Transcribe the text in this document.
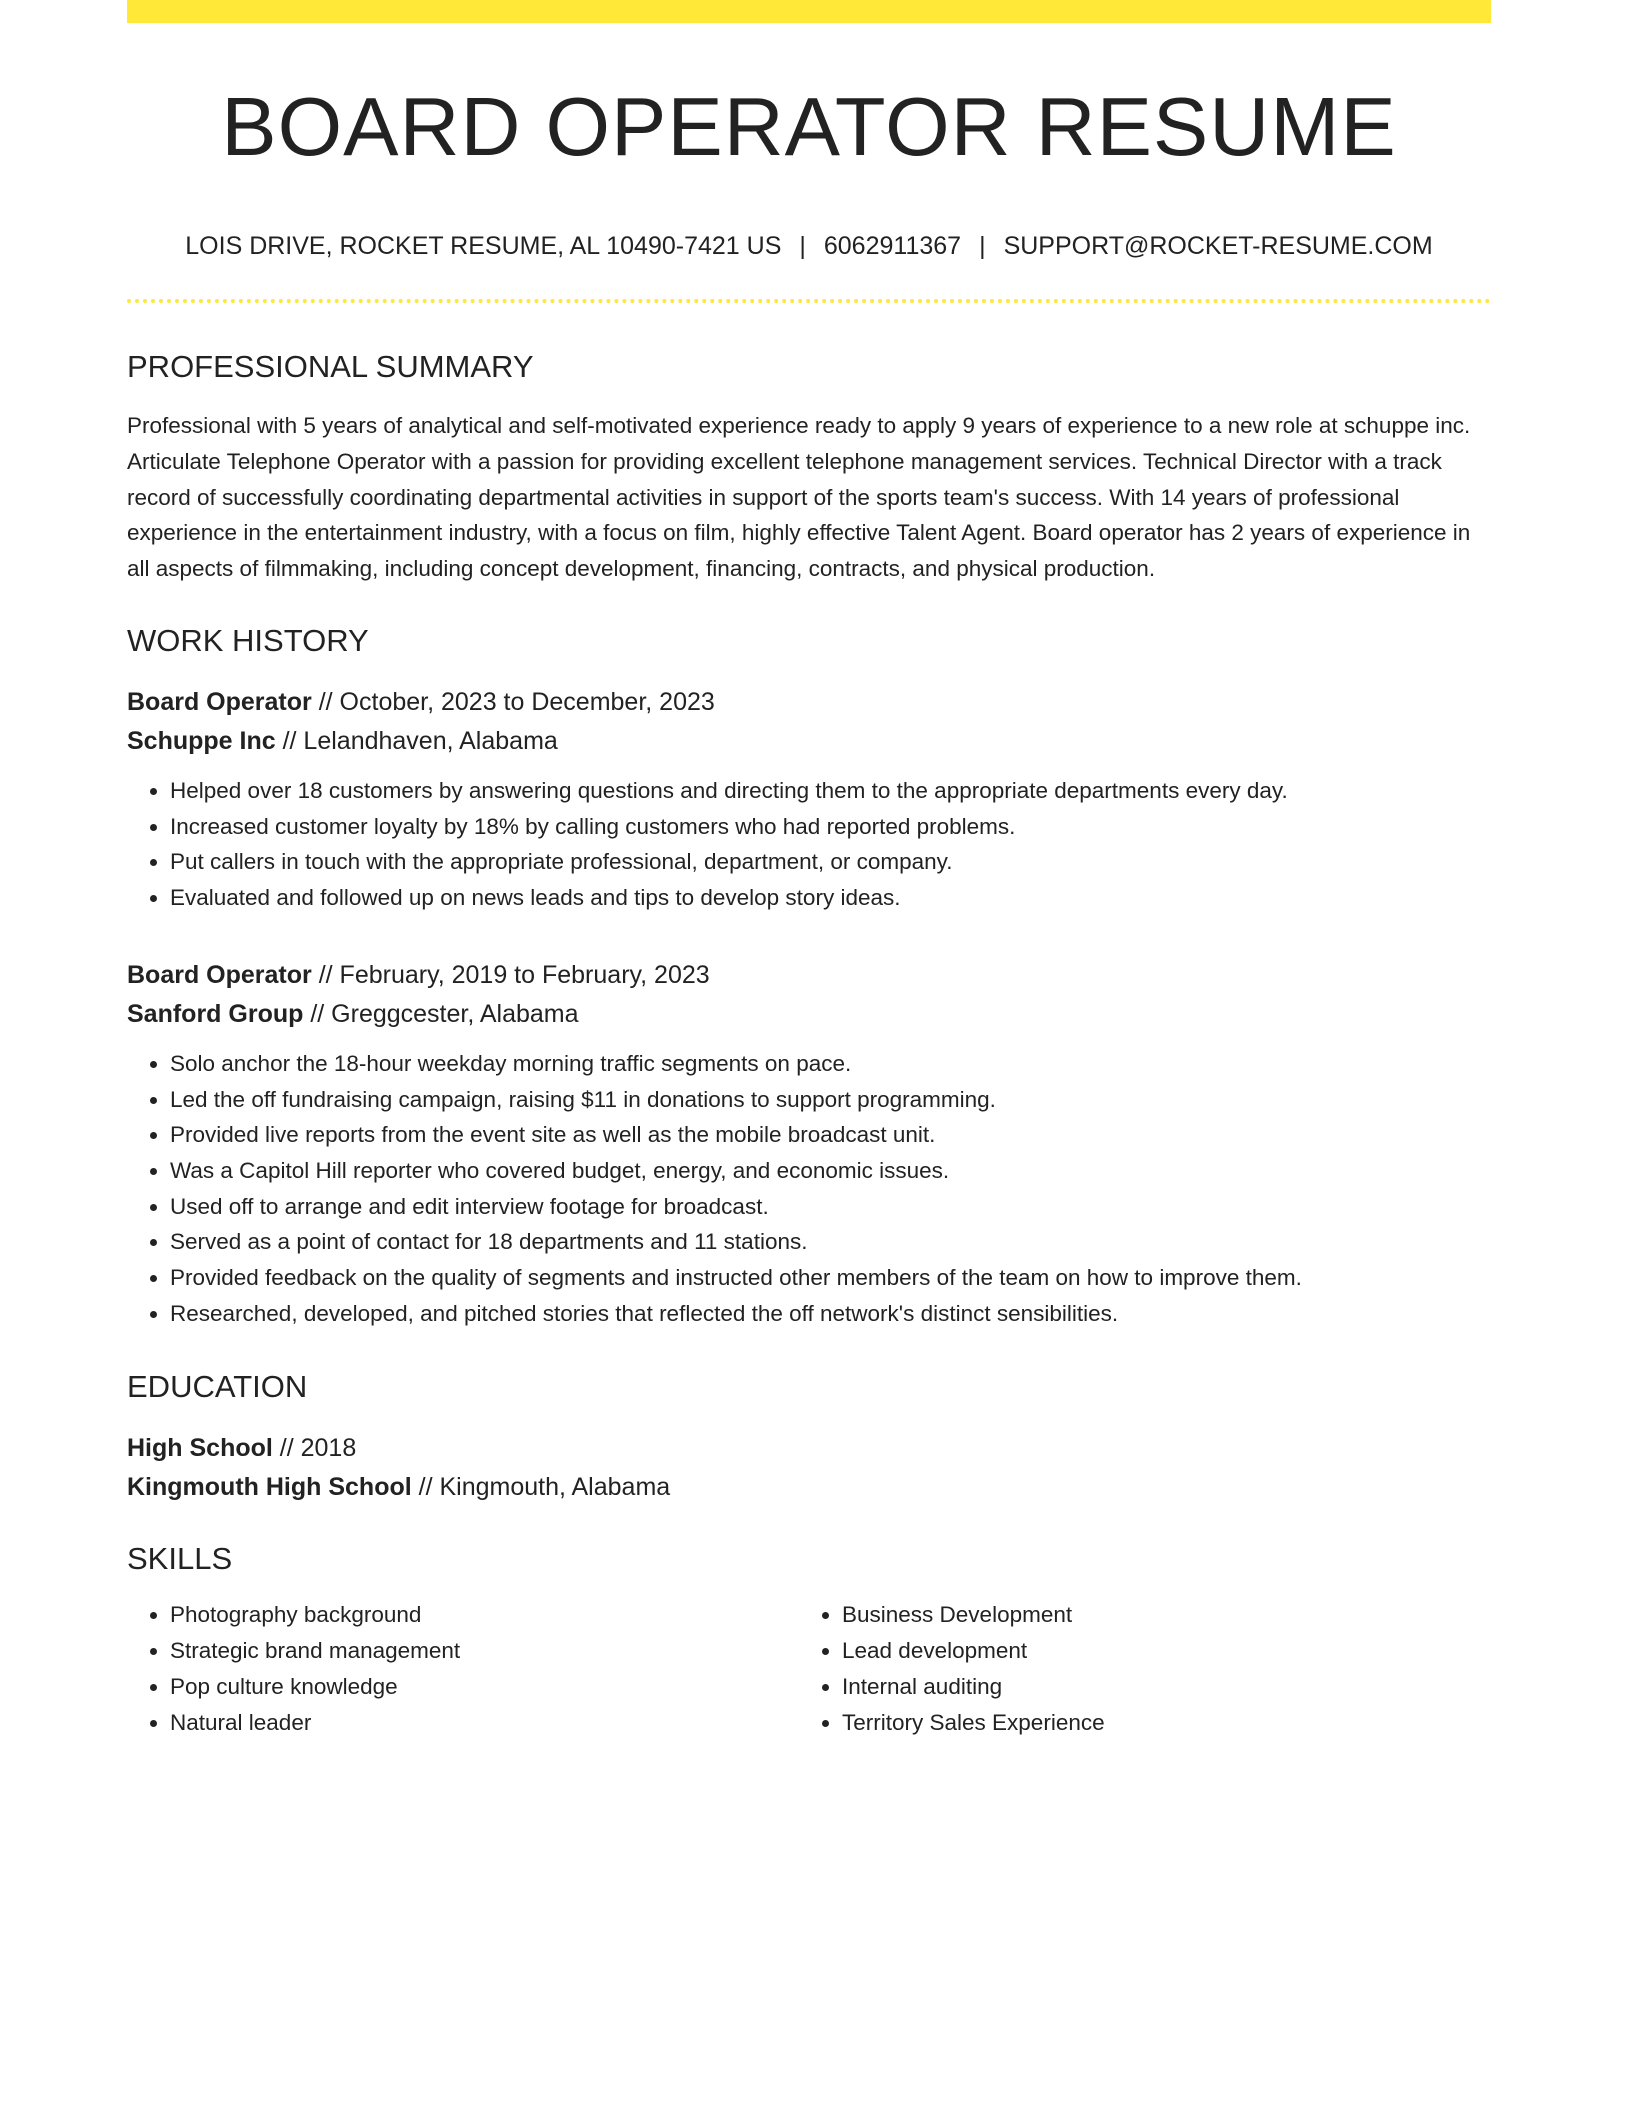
BOARD OPERATOR RESUME
LOIS DRIVE, ROCKET RESUME, AL 10490-7421 US | 6062911367 | SUPPORT@ROCKET-RESUME.COM
PROFESSIONAL SUMMARY

Professional with 5 years of analytical and self-motivated experience ready to apply 9 years of experience to a new role at schuppe inc. Articulate Telephone Operator with a passion for providing excellent telephone management services. Technical Director with a track record of successfully coordinating departmental activities in support of the sports team's success. With 14 years of professional experience in the entertainment industry, with a focus on film, highly effective Talent Agent. Board operator has 2 years of experience in all aspects of filmmaking, including concept development, financing, contracts, and physical production.

WORK HISTORY
Board Operator // October, 2023 to December, 2023
Schuppe Inc // Lelandhaven, Alabama
• Helped over 18 customers by answering questions and directing them to the appropriate departments every day.
• Increased customer loyalty by 18% by calling customers who had reported problems.
• Put callers in touch with the appropriate professional, department, or company.
• Evaluated and followed up on news leads and tips to develop story ideas.
Board Operator // February, 2019 to February, 2023
Sanford Group // Greggcester, Alabama
• Solo anchor the 18-hour weekday morning traffic segments on pace.
• Led the off fundraising campaign, raising $11 in donations to support programming.
• Provided live reports from the event site as well as the mobile broadcast unit.
• Was a Capitol Hill reporter who covered budget, energy, and economic issues.
• Used off to arrange and edit interview footage for broadcast.
• Served as a point of contact for 18 departments and 11 stations.
• Provided feedback on the quality of segments and instructed other members of the team on how to improve them.
• Researched, developed, and pitched stories that reflected the off network's distinct sensibilities.
EDUCATION
High School // 2018
Kingmouth High School // Kingmouth, Alabama
SKILLS
• Photography background
• Strategic brand management
• Pop culture knowledge
• Natural leader
• Business Development
• Lead development
• Internal auditing
• Territory Sales Experience
